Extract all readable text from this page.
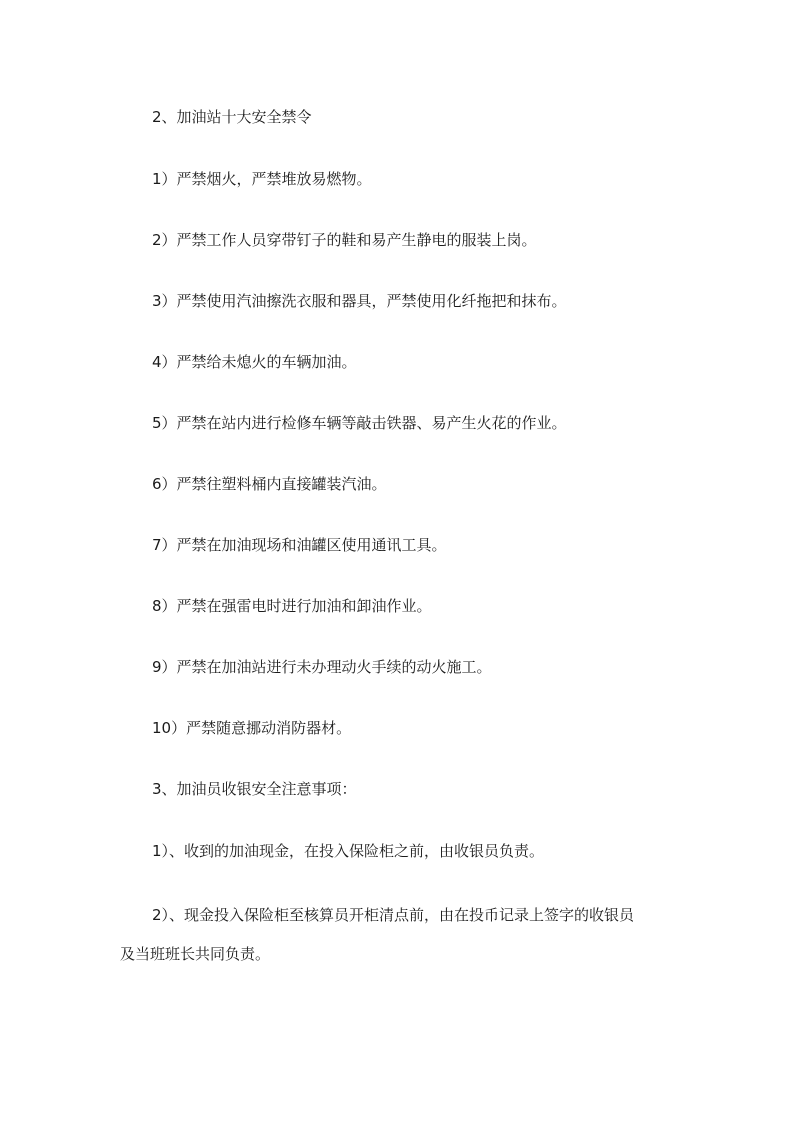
2、加油站十大安全禁令
1）严禁烟火，严禁堆放易燃物。
2）严禁工作人员穿带钉子的鞋和易产生静电的服装上岗。
3）严禁使用汽油擦洗衣服和器具，严禁使用化纤拖把和抹布。
4）严禁给未熄火的车辆加油。
5）严禁在站内进行检修车辆等敲击铁器、易产生火花的作业。
6）严禁往塑料桶内直接罐装汽油。
7）严禁在加油现场和油罐区使用通讯工具。
8）严禁在强雷电时进行加油和卸油作业。
9）严禁在加油站进行未办理动火手续的动火施工。
10）严禁随意挪动消防器材。
3、加油员收银安全注意事项：
1）、收到的加油现金，在投入保险柜之前，由收银员负责。
2）、现金投入保险柜至核算员开柜清点前，由在投币记录上签字的收银员
及当班班长共同负责。
